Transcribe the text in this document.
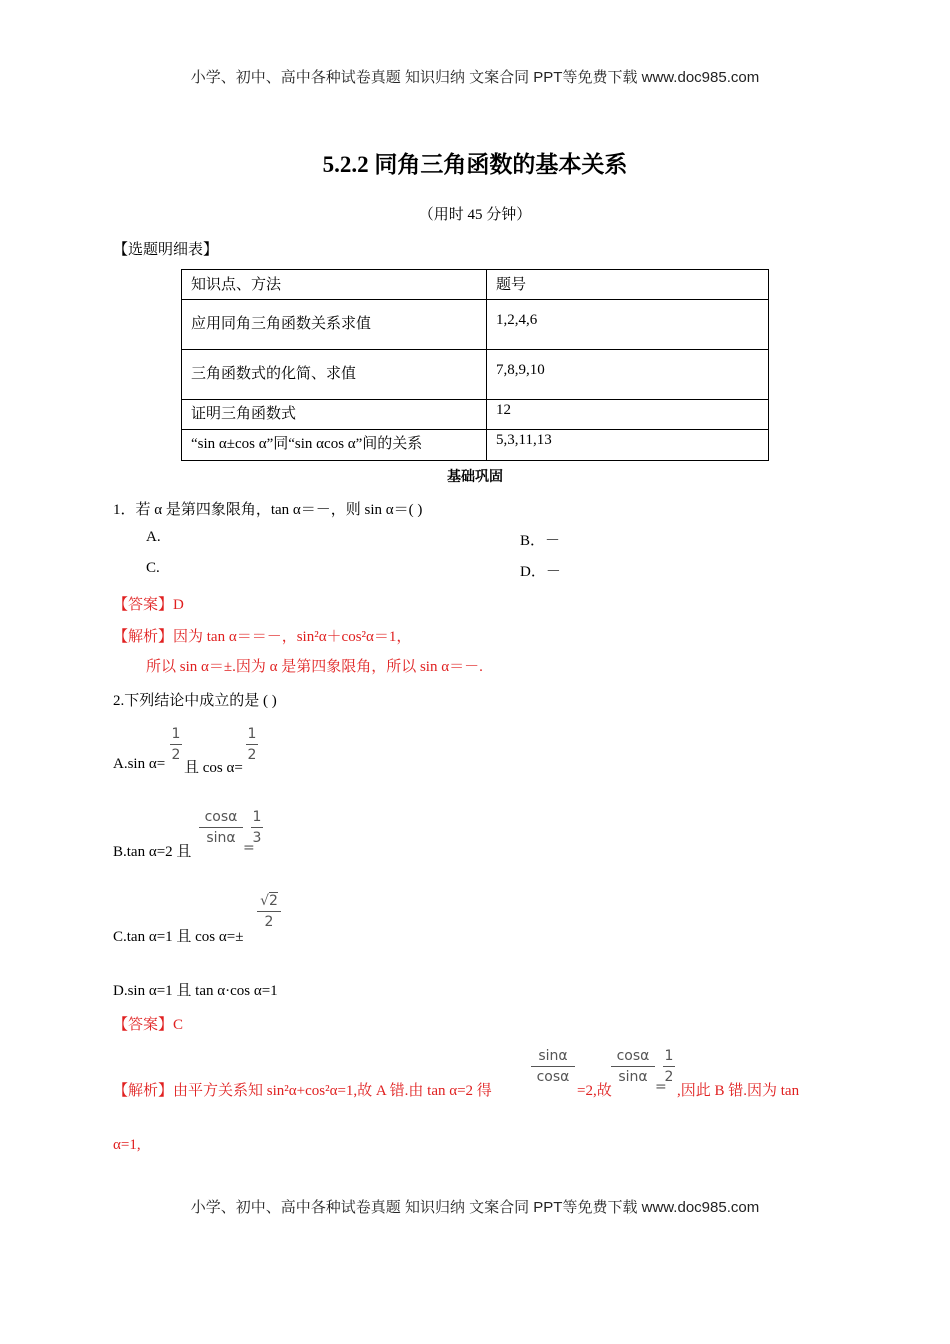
小学、初中、高中各种试卷真题 知识归纳 文案合同 PPT等免费下载 www.doc985.com
5.2.2 同角三角函数的基本关系
（用时 45 分钟）
【选题明细表】
知识点、方法	题号
应用同角三角函数关系求值	1,2,4,6
三角函数式的化简、求值	7,8,9,10
证明三角函数式	12
“sin α±cos α”同“sin αcos α”间的关系	5,3,11,13
基础巩固
1．若 α 是第四象限角，tan α＝－，则 sin α＝( )
A.	B．－
C.	D．－
【答案】D
【解析】因为 tan α＝＝－，sin²α＋cos²α＝1，
所以 sin α＝±.因为 α 是第四象限角，所以 sin α＝－.
2.下列结论中成立的是 ( )
A.sin α=
$\frac{1}{2}$
且 cos α=
$\frac{1}{2}$
B.tan α=2 且
$\frac{\cos\alpha}{\sin\alpha}$
=
$\frac{1}{3}$
C.tan α=1 且 cos α=±
$\frac{√2}{2}$
D.sin α=1 且 tan α·cos α=1
【答案】C
【解析】由平方关系知 sin²α+cos²α=1,故 A 错.由 tan α=2 得
$\frac{\sin\alpha}{\cos\alpha}$
=2,故
$\frac{\cos\alpha}{\sin\alpha}$
=
$\frac{1}{2}$
,因此 B 错.因为 tan
α=1,
小学、初中、高中各种试卷真题 知识归纳 文案合同 PPT等免费下载 www.doc985.com
